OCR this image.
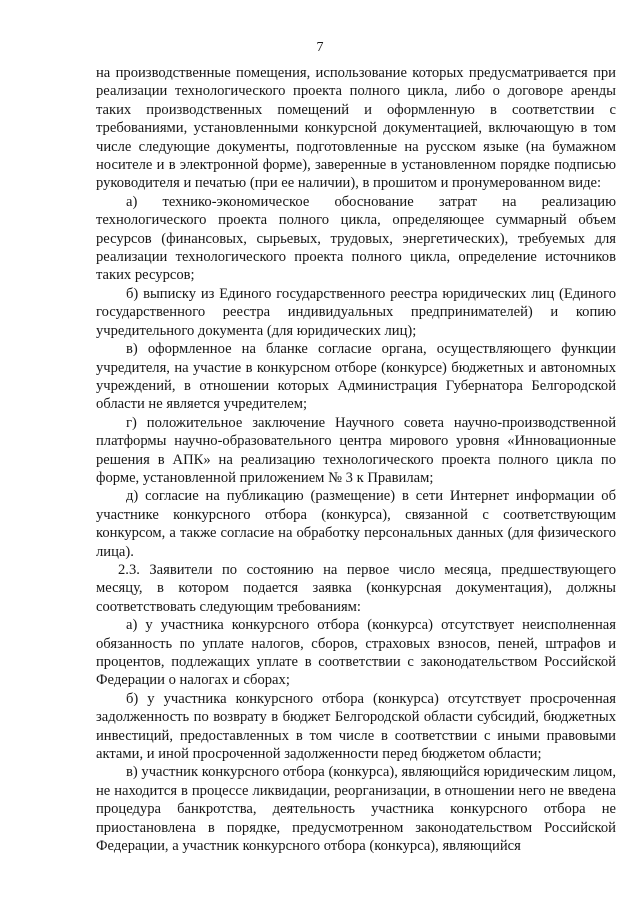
7

на производственные помещения, использование которых предусматривается при реализации технологического проекта полного цикла, либо о договоре аренды таких производственных помещений и оформленную в соответствии с требованиями, установленными конкурсной документацией, включающую в том числе следующие документы, подготовленные на русском языке (на бумажном носителе и в электронной форме), заверенные в установленном порядке подписью руководителя и печатью (при ее наличии), в прошитом и пронумерованном виде:

а) технико-экономическое обоснование затрат на реализацию технологического проекта полного цикла, определяющее суммарный объем ресурсов (финансовых, сырьевых, трудовых, энергетических), требуемых для реализации технологического проекта полного цикла, определение источников таких ресурсов;

б) выписку из Единого государственного реестра юридических лиц (Единого государственного реестра индивидуальных предпринимателей) и копию учредительного документа (для юридических лиц);

в) оформленное на бланке согласие органа, осуществляющего функции учредителя, на участие в конкурсном отборе (конкурсе) бюджетных и автономных учреждений, в отношении которых Администрация Губернатора Белгородской области не является учредителем;

г) положительное заключение Научного совета научно-производственной платформы научно-образовательного центра мирового уровня «Инновационные решения в АПК» на реализацию технологического проекта полного цикла по форме, установленной приложением № 3 к Правилам;

д) согласие на публикацию (размещение) в сети Интернет информации об участнике конкурсного отбора (конкурса), связанной с соответствующим конкурсом, а также согласие на обработку персональных данных (для физического лица).

2.3. Заявители по состоянию на первое число месяца, предшествующего месяцу, в котором подается заявка (конкурсная документация), должны соответствовать следующим требованиям:

а) у участника конкурсного отбора (конкурса) отсутствует неисполненная обязанность по уплате налогов, сборов, страховых взносов, пеней, штрафов и процентов, подлежащих уплате в соответствии с законодательством Российской Федерации о налогах и сборах;

б) у участника конкурсного отбора (конкурса) отсутствует просроченная задолженность по возврату в бюджет Белгородской области субсидий, бюджетных инвестиций, предоставленных в том числе в соответствии с иными правовыми актами, и иной просроченной задолженности перед бюджетом области;

в) участник конкурсного отбора (конкурса), являющийся юридическим лицом, не находится в процессе ликвидации, реорганизации, в отношении него не введена процедура банкротства, деятельность участника конкурсного отбора не приостановлена в порядке, предусмотренном законодательством Российской Федерации, а участник конкурсного отбора (конкурса), являющийся
